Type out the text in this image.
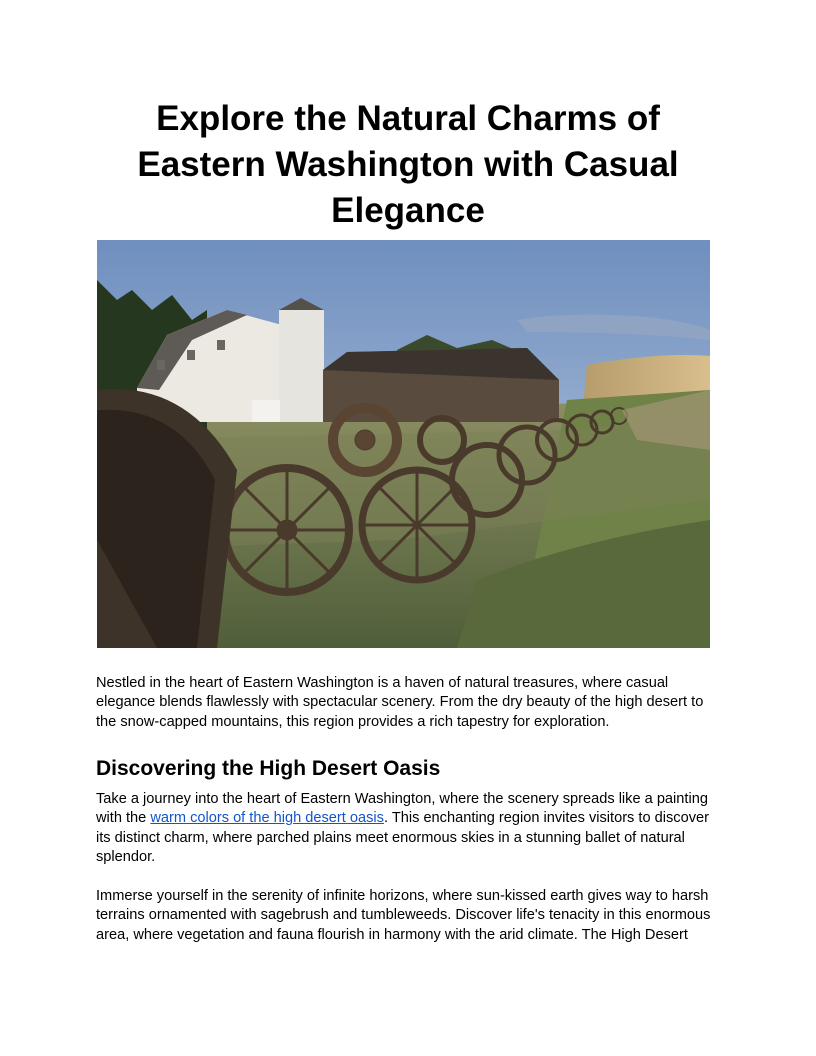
Explore the Natural Charms of Eastern Washington with Casual Elegance

Nestled in the heart of Eastern Washington is a haven of natural treasures, where casual elegance blends flawlessly with spectacular scenery. From the dry beauty of the high desert to the snow-capped mountains, this region provides a rich tapestry for exploration.

Discovering the High Desert Oasis

Take a journey into the heart of Eastern Washington, where the scenery spreads like a painting with the warm colors of the high desert oasis. This enchanting region invites visitors to discover its distinct charm, where parched plains meet enormous skies in a stunning ballet of natural splendor.

Immerse yourself in the serenity of infinite horizons, where sun-kissed earth gives way to harsh terrains ornamented with sagebrush and tumbleweeds. Discover life's tenacity in this enormous area, where vegetation and fauna flourish in harmony with the arid climate. The High Desert
